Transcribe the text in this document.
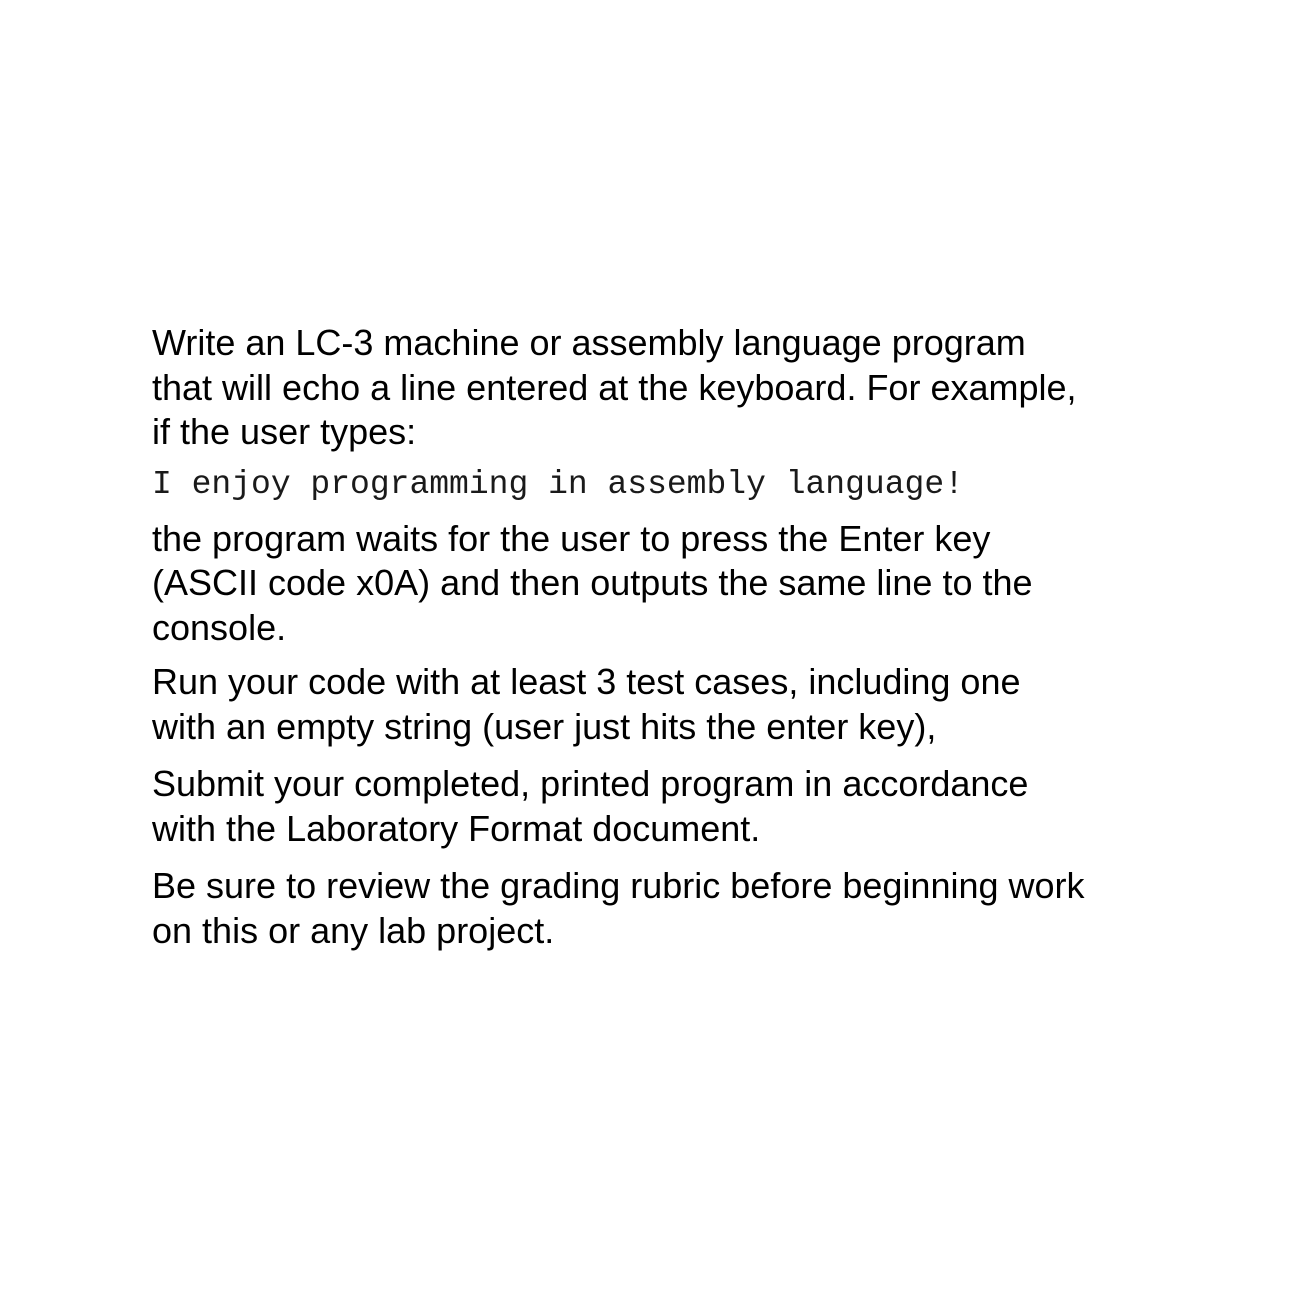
Write an LC-3 machine or assembly language program
that will echo a line entered at the keyboard. For example,
if the user types:

I enjoy programming in assembly language!

the program waits for the user to press the Enter key
(ASCII code x0A) and then outputs the same line to the
console.

Run your code with at least 3 test cases, including one
with an empty string (user just hits the enter key),

Submit your completed, printed program in accordance
with the Laboratory Format document.

Be sure to review the grading rubric before beginning work
on this or any lab project.
